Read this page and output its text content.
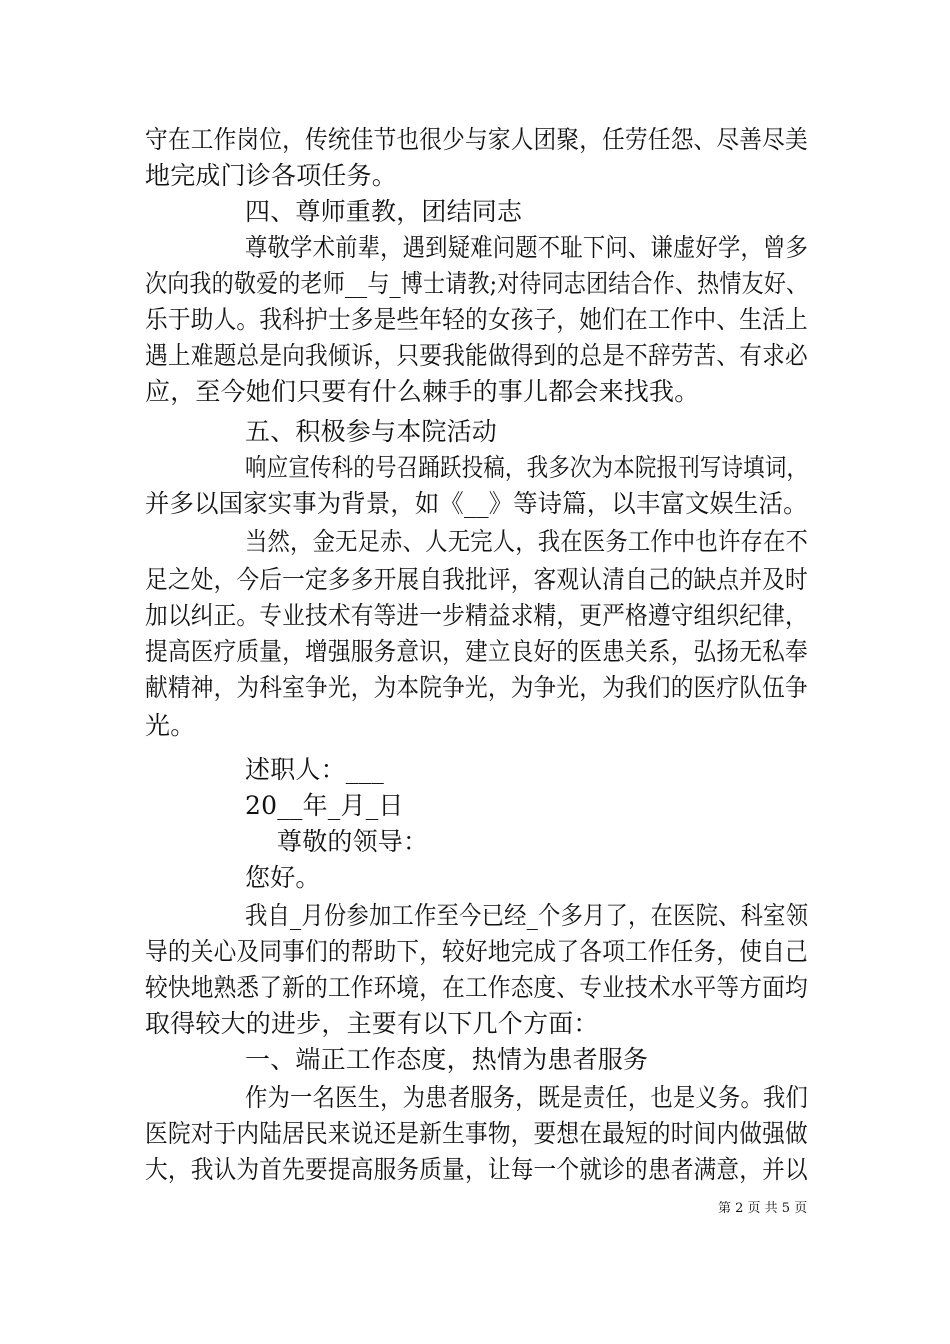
守在工作岗位，传统佳节也很少与家人团聚，任劳任怨、尽善尽美
地完成门诊各项任务。
四、尊师重教，团结同志
尊敬学术前辈，遇到疑难问题不耻下问、谦虚好学，曾多
次向我的敬爱的老师__与_博士请教;对待同志团结合作、热情友好、
乐于助人。我科护士多是些年轻的女孩子，她们在工作中、生活上
遇上难题总是向我倾诉，只要我能做得到的总是不辞劳苦、有求必
应，至今她们只要有什么棘手的事儿都会来找我。
五、积极参与本院活动
响应宣传科的号召踊跃投稿，我多次为本院报刊写诗填词，
并多以国家实事为背景，如《__》等诗篇，以丰富文娱生活。
当然，金无足赤、人无完人，我在医务工作中也许存在不
足之处，今后一定多多开展自我批评，客观认清自己的缺点并及时
加以纠正。专业技术有等进一步精益求精，更严格遵守组织纪律，
提高医疗质量，增强服务意识，建立良好的医患关系，弘扬无私奉
献精神，为科室争光，为本院争光，为争光，为我们的医疗队伍争
光。
述职人：___
20__年_月_日
尊敬的领导：
您好。
我自_月份参加工作至今已经_个多月了，在医院、科室领
导的关心及同事们的帮助下，较好地完成了各项工作任务，使自己
较快地熟悉了新的工作环境，在工作态度、专业技术水平等方面均
取得较大的进步，主要有以下几个方面：
一、端正工作态度，热情为患者服务
作为一名医生，为患者服务，既是责任，也是义务。我们
医院对于内陆居民来说还是新生事物，要想在最短的时间内做强做
大，我认为首先要提高服务质量，让每一个就诊的患者满意，并以
第 2 页 共 5 页
